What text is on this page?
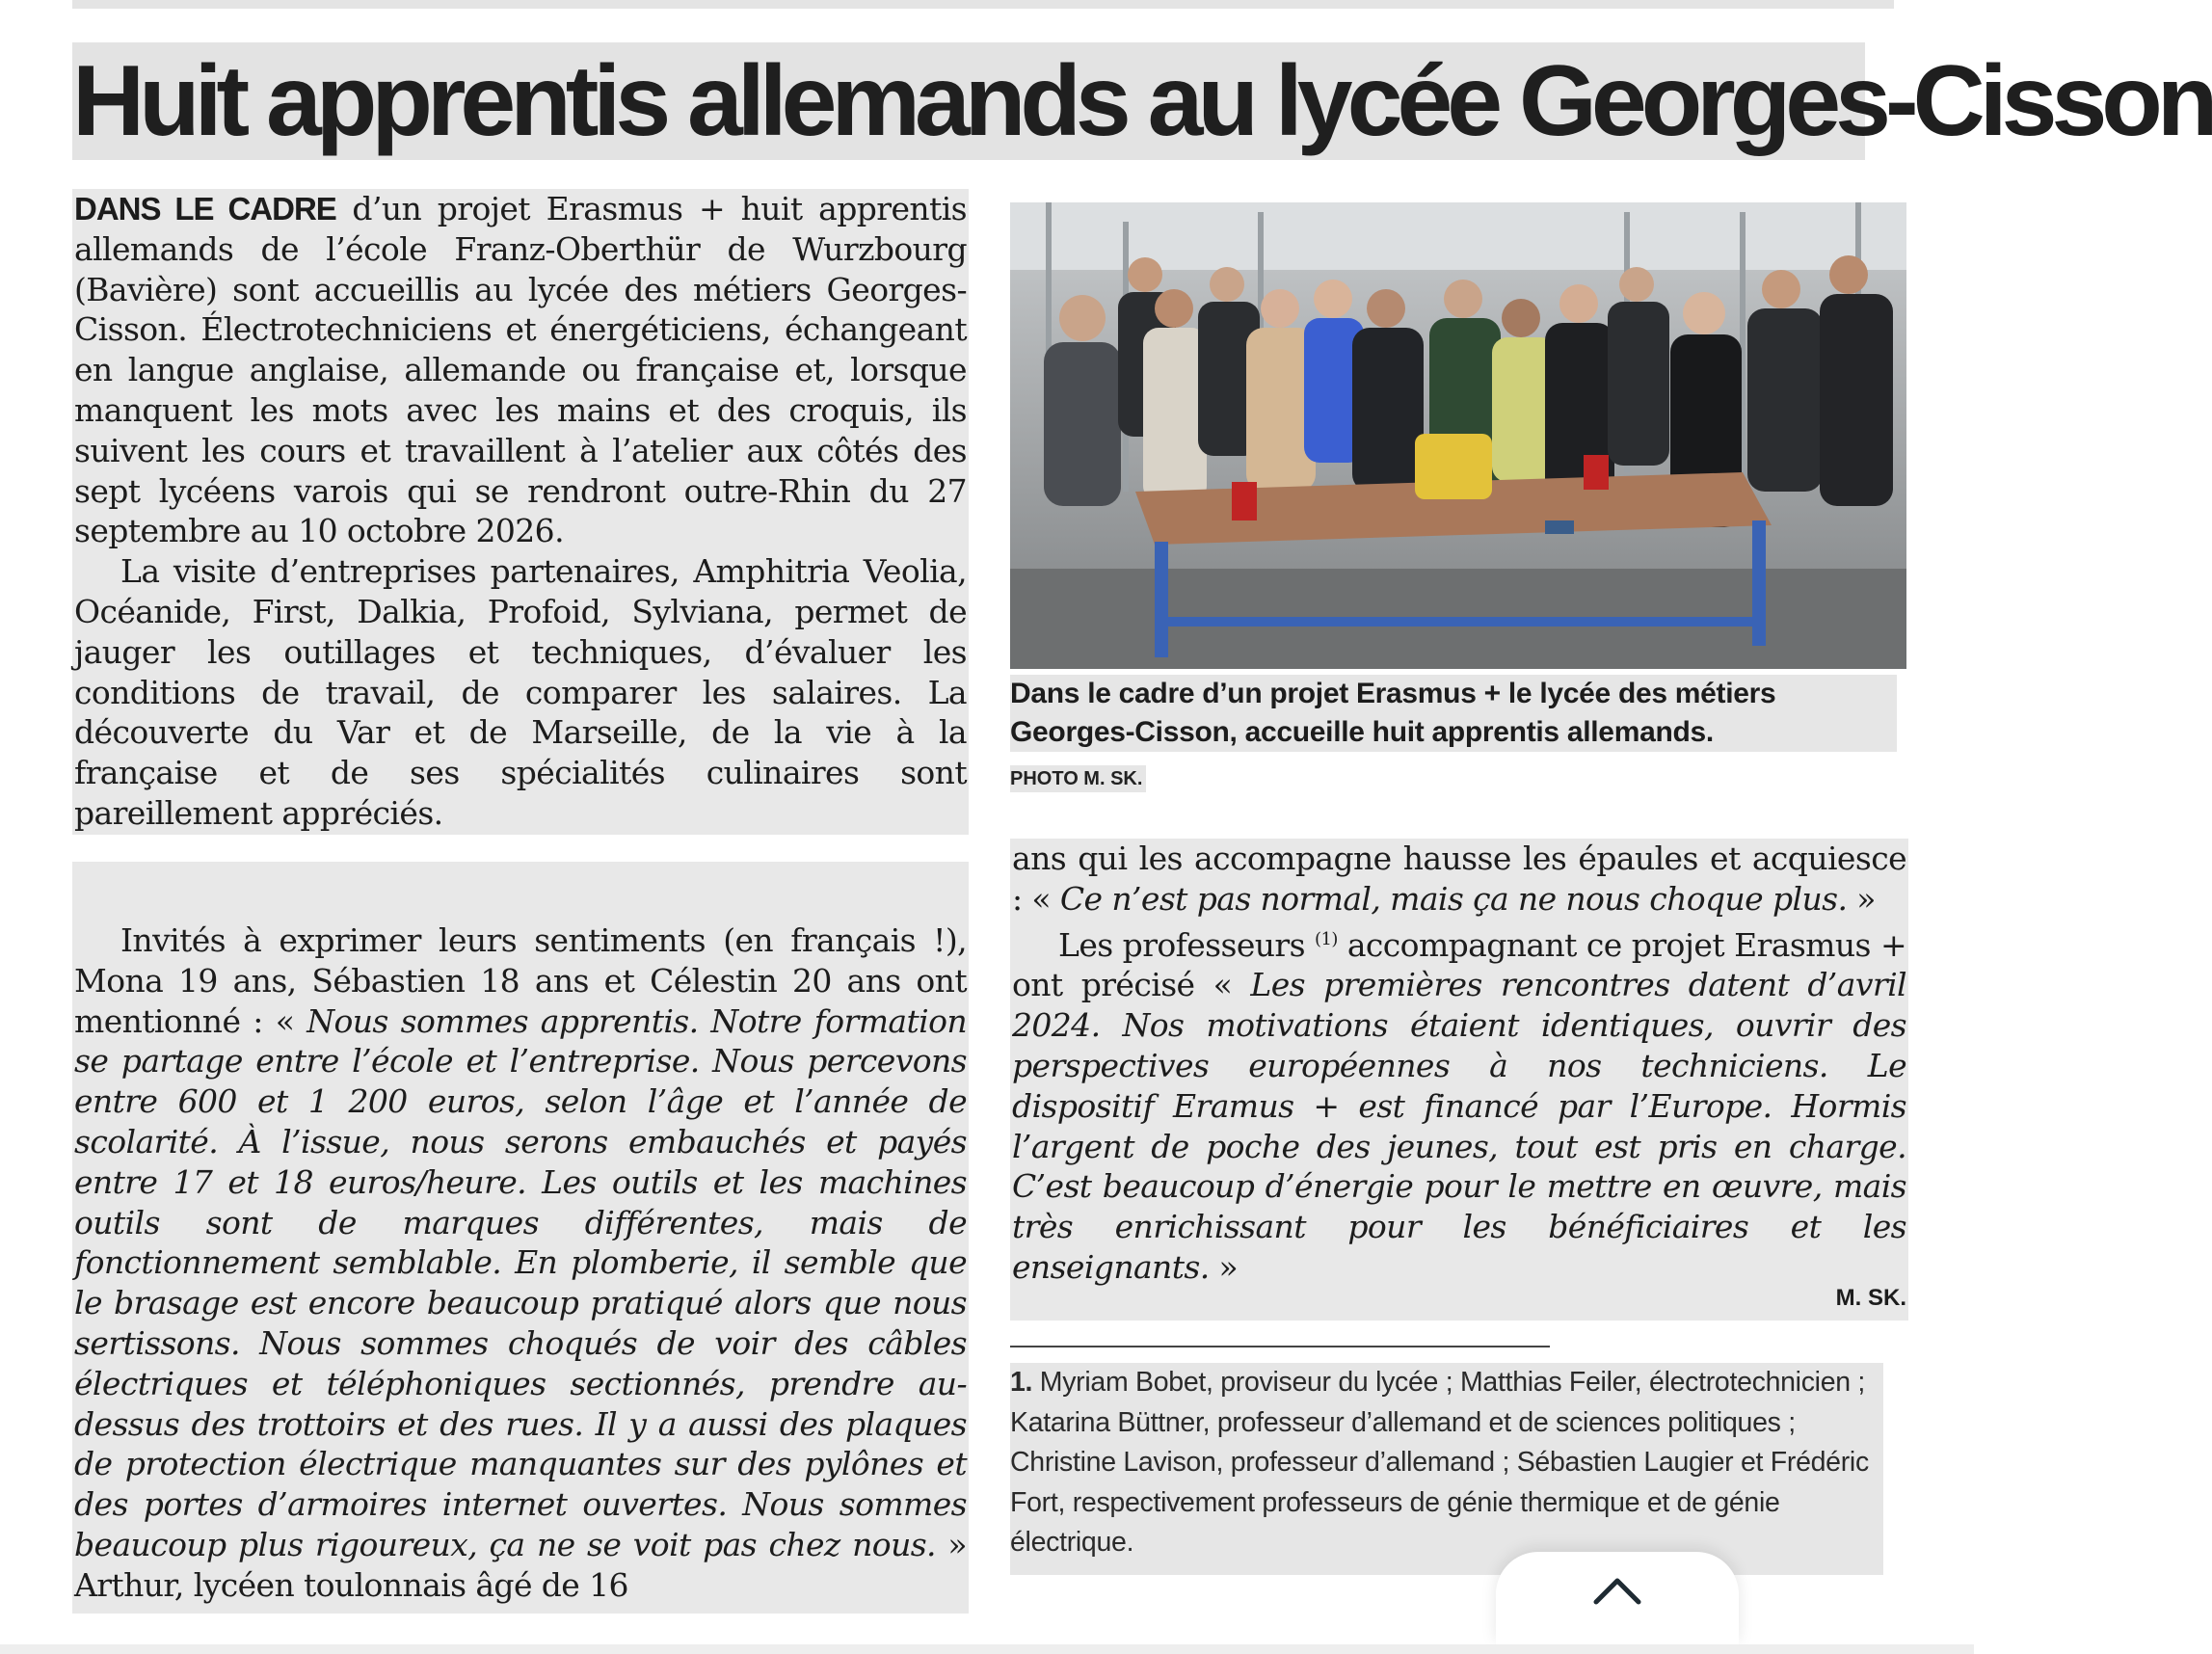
Huit apprentis allemands au lycée Georges-Cisson

DANS LE CADRE d’un projet Erasmus + huit apprentis allemands de l’école Franz-Oberthür de Wurzbourg (Bavière) sont accueillis au lycée des métiers Georges-Cisson. Électrotechniciens et énergéticiens, échangeant en langue anglaise, allemande ou française et, lorsque manquent les mots avec les mains et des croquis, ils suivent les cours et travaillent à l’atelier aux côtés des sept lycéens varois qui se rendront outre-Rhin du 27 septembre au 10 octobre 2026.

La visite d’entreprises partenaires, Amphitria Veolia, Océanide, First, Dalkia, Profoid, Sylviana, permet de jauger les outillages et techniques, d’évaluer les conditions de travail, de comparer les salaires. La découverte du Var et de Marseille, de la vie à la française et de ses spécialités culinaires sont pareillement appréciés.

Dans le cadre d’un projet Erasmus + le lycée des métiers Georges-Cisson, accueille huit apprentis allemands.
PHOTO M. SK.

Invités à exprimer leurs sentiments (en français !), Mona 19 ans, Sébastien 18 ans et Célestin 20 ans ont mentionné : « Nous sommes apprentis. Notre formation se partage entre l’école et l’entreprise. Nous percevons entre 600 et 1 200 euros, selon l’âge et l’année de scolarité. À l’issue, nous serons embauchés et payés entre 17 et 18 euros/heure. Les outils et les machines outils sont de marques différentes, mais de fonctionnement semblable. En plomberie, il semble que le brasage est encore beaucoup pratiqué alors que nous sertissons. Nous sommes choqués de voir des câbles électriques et téléphoniques sectionnés, prendre au-dessus des trottoirs et des rues. Il y a aussi des plaques de protection électrique manquantes sur des pylônes et des portes d’armoires internet ouvertes. Nous sommes beaucoup plus rigoureux, ça ne se voit pas chez nous. » Arthur, lycéen toulonnais âgé de 16

ans qui les accompagne hausse les épaules et acquiesce : « Ce n’est pas normal, mais ça ne nous choque plus. »

Les professeurs $^{(1)}$ accompagnant ce projet Erasmus + ont précisé « Les premières rencontres datent d’avril 2024. Nos motivations étaient identiques, ouvrir des perspectives européennes à nos techniciens. Le dispositif Eramus + est financé par l’Europe. Hormis l’argent de poche des jeunes, tout est pris en charge. C’est beaucoup d’énergie pour le mettre en œuvre, mais très enrichissant pour les bénéficiaires et les enseignants. »

M. SK.
1. Myriam Bobet, proviseur du lycée ; Matthias Feiler, électrotechnicien ; Katarina Büttner, professeur d’allemand et de sciences politiques ; Christine Lavison, professeur d’allemand ; Sébastien Laugier et Frédéric Fort, respectivement professeurs de génie thermique et de génie électrique.
